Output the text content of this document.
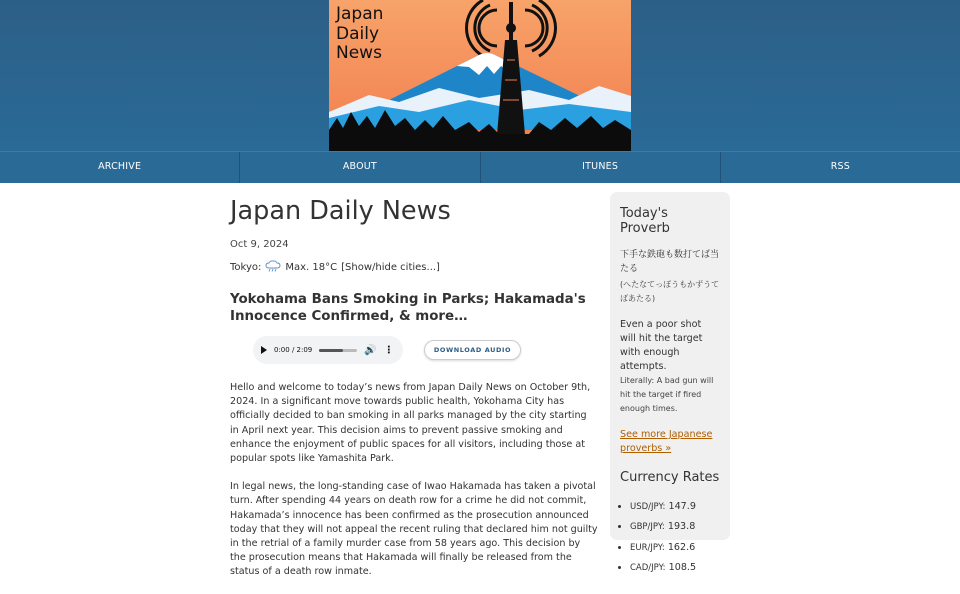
Japan
Daily
News
ARCHIVE	ABOUT	ITUNES	RSS
Japan Daily News
Oct 9, 2024
Tokyo: Max. 18°C [Show/hide cities...]
Yokohama Bans Smoking in Parks; Hakamada's Innocence Confirmed, & more…
0:00 / 2:09	🔊 ⋮	DOWNLOAD AUDIO

Hello and welcome to today’s news from Japan Daily News on October 9th, 2024. In a significant move towards public health, Yokohama City has officially decided to ban smoking in all parks managed by the city starting in April next year. This decision aims to prevent passive smoking and enhance the enjoyment of public spaces for all visitors, including those at popular spots like Yamashita Park.

In legal news, the long-standing case of Iwao Hakamada has taken a pivotal turn. After spending 44 years on death row for a crime he did not commit, Hakamada’s innocence has been confirmed as the prosecution announced today that they will not appeal the recent ruling that declared him not guilty in the retrial of a family murder case from 58 years ago. This decision by the prosecution means that Hakamada will finally be released from the status of a death row inmate.

Today's Proverb
下手な鉄砲も数打てば当たる
(へたなてっぽうもかずうてばあたる)
Even a poor shot will hit the target with enough attempts.
Literally: A bad gun will hit the target if fired enough times.
See more Japanese proverbs »
Currency Rates
• USD/JPY: 147.9
• GBP/JPY: 193.8
• EUR/JPY: 162.6
• CAD/JPY: 108.5
